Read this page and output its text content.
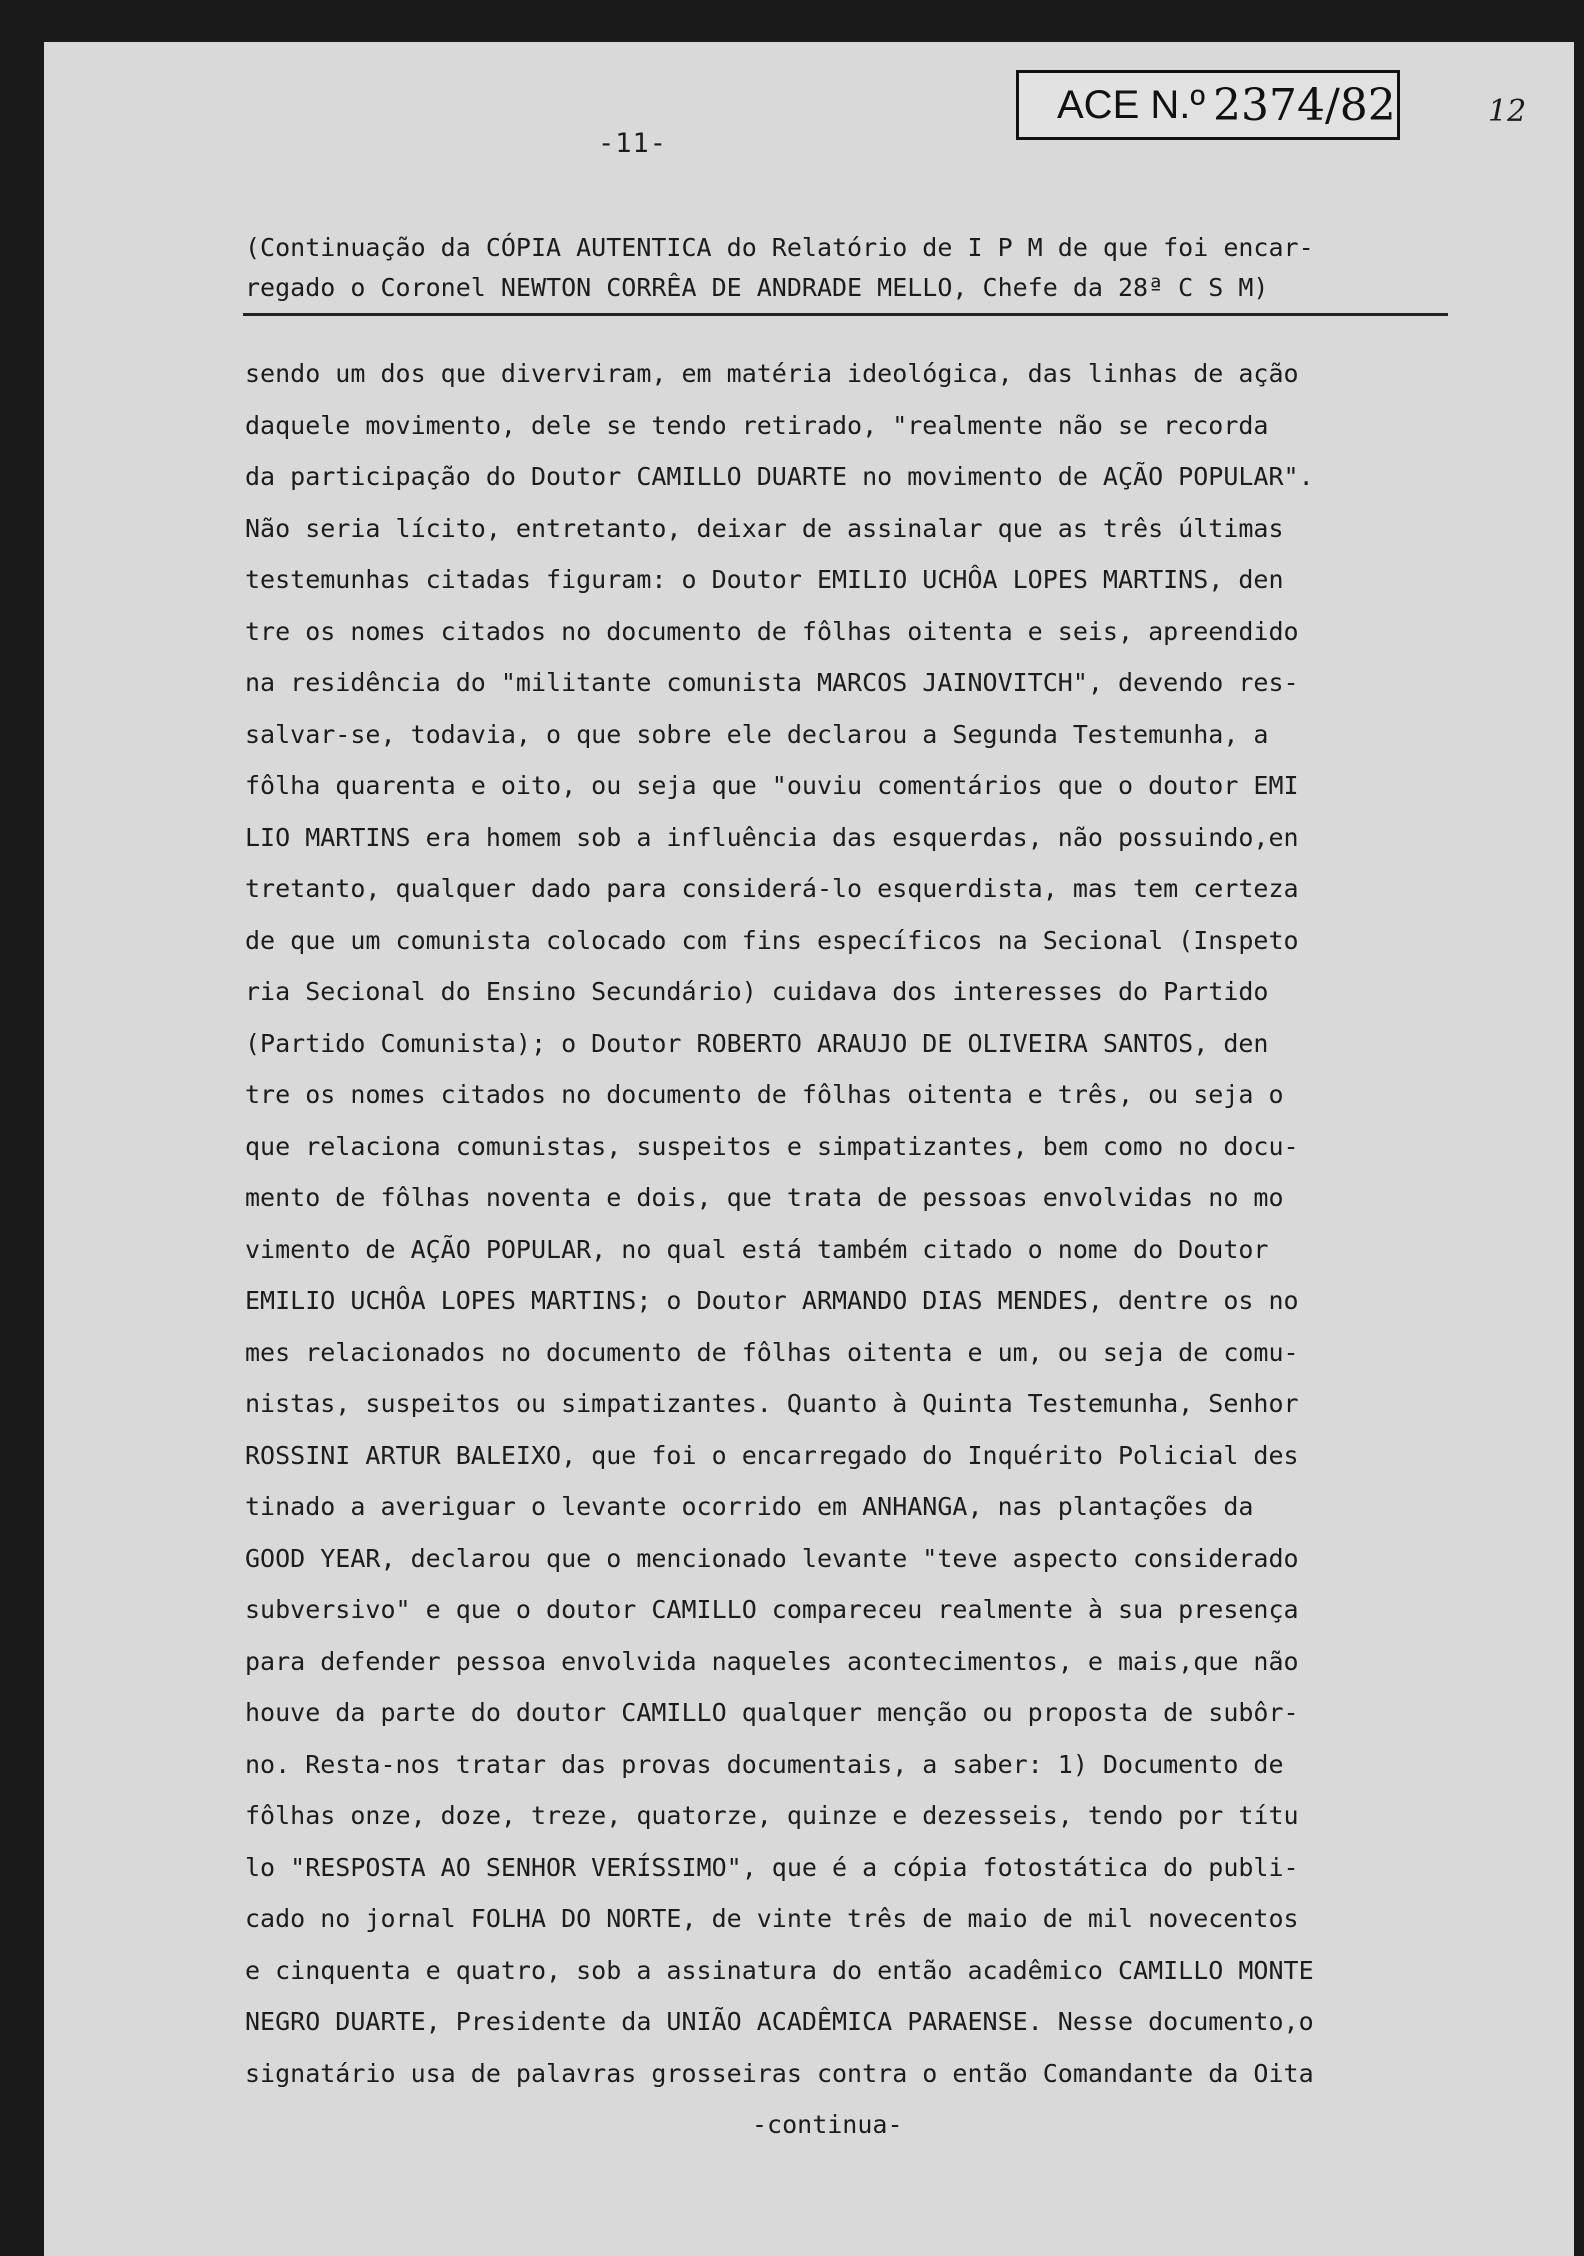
-11-
ACE N.º 2374/82	12
(Continuação da CÓPIA AUTENTICA do Relatório de I P M de que foi encar-
regado o Coronel NEWTON CORRÊA DE ANDRADE MELLO, Chefe da 28ª C S M)
sendo um dos que diverviram, em matéria ideológica, das linhas de ação
daquele movimento, dele se tendo retirado, "realmente não se recorda
da participação do Doutor CAMILLO DUARTE no movimento de AÇÃO POPULAR".
Não seria lícito, entretanto, deixar de assinalar que as três últimas
testemunhas citadas figuram: o Doutor EMILIO UCHÔA LOPES MARTINS, den
tre os nomes citados no documento de fôlhas oitenta e seis, apreendido
na residência do "militante comunista MARCOS JAINOVITCH", devendo res-
salvar-se, todavia, o que sobre ele declarou a Segunda Testemunha, a
fôlha quarenta e oito, ou seja que "ouviu comentários que o doutor EMI
LIO MARTINS era homem sob a influência das esquerdas, não possuindo,en
tretanto, qualquer dado para considerá-lo esquerdista, mas tem certeza
de que um comunista colocado com fins específicos na Secional (Inspeto
ria Secional do Ensino Secundário) cuidava dos interesses do Partido
(Partido Comunista); o Doutor ROBERTO ARAUJO DE OLIVEIRA SANTOS, den
tre os nomes citados no documento de fôlhas oitenta e três, ou seja o
que relaciona comunistas, suspeitos e simpatizantes, bem como no docu-
mento de fôlhas noventa e dois, que trata de pessoas envolvidas no mo
vimento de AÇÃO POPULAR, no qual está também citado o nome do Doutor
EMILIO UCHÔA LOPES MARTINS; o Doutor ARMANDO DIAS MENDES, dentre os no
mes relacionados no documento de fôlhas oitenta e um, ou seja de comu-
nistas, suspeitos ou simpatizantes. Quanto à Quinta Testemunha, Senhor
ROSSINI ARTUR BALEIXO, que foi o encarregado do Inquérito Policial des
tinado a averiguar o levante ocorrido em ANHANGA, nas plantações da
GOOD YEAR, declarou que o mencionado levante "teve aspecto considerado
subversivo" e que o doutor CAMILLO compareceu realmente à sua presença
para defender pessoa envolvida naqueles acontecimentos, e mais,que não
houve da parte do doutor CAMILLO qualquer menção ou proposta de subôr-
no. Resta-nos tratar das provas documentais, a saber: 1) Documento de
fôlhas onze, doze, treze, quatorze, quinze e dezesseis, tendo por títu
lo "RESPOSTA AO SENHOR VERÍSSIMO", que é a cópia fotostática do publi-
cado no jornal FOLHA DO NORTE, de vinte três de maio de mil novecentos
e cinquenta e quatro, sob a assinatura do então acadêmico CAMILLO MONTE
NEGRO DUARTE, Presidente da UNIÃO ACADÊMICA PARAENSE. Nesse documento,o
signatário usa de palavras grosseiras contra o então Comandante da Oita
-continua-
